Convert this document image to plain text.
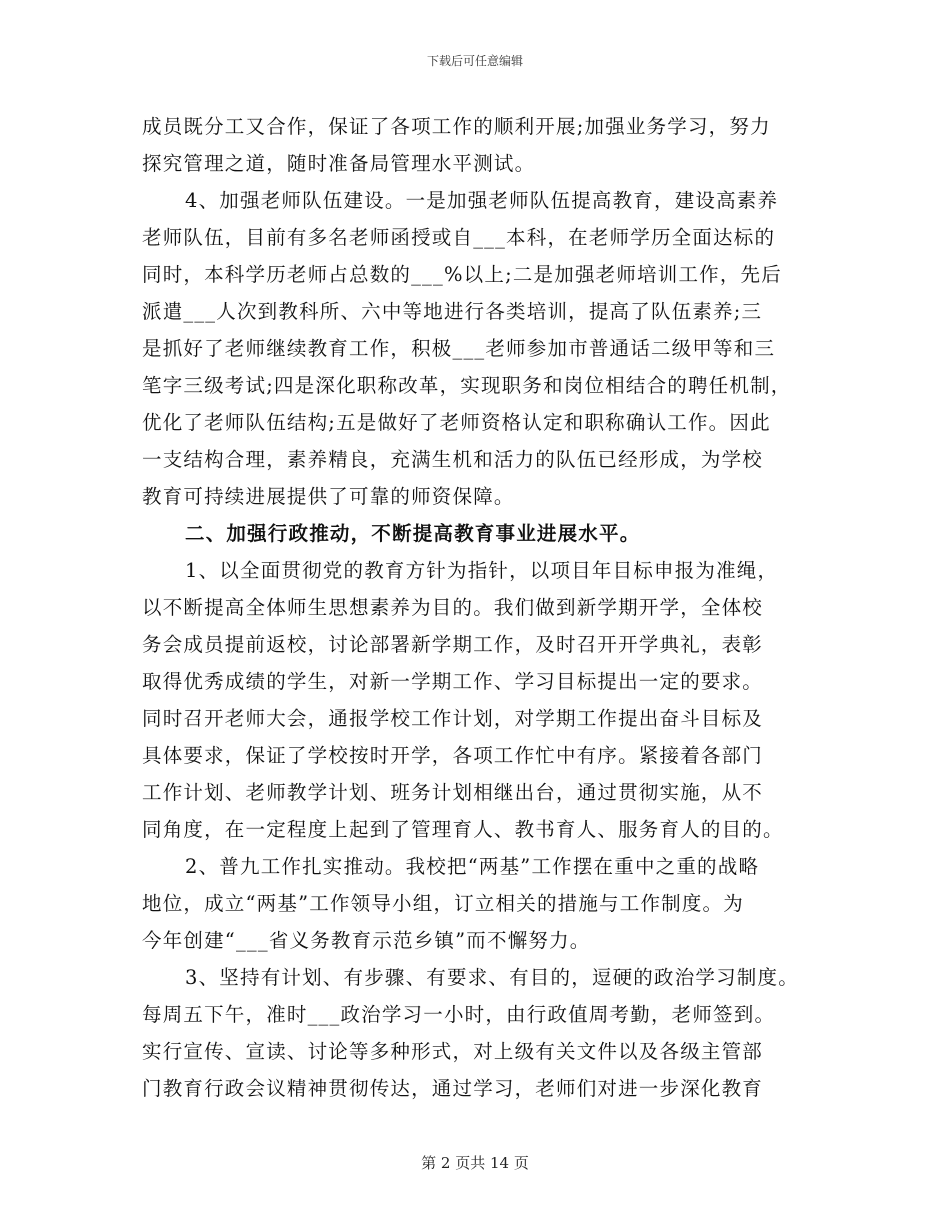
下载后可任意编辑
成员既分工又合作，保证了各项工作的顺利开展;加强业务学习，努力
探究管理之道，随时准备局管理水平测试。
4、加强老师队伍建设。一是加强老师队伍提高教育，建设高素养
老师队伍，目前有多名老师函授或自___本科，在老师学历全面达标的
同时，本科学历老师占总数的___%以上;二是加强老师培训工作，先后
派遣___人次到教科所、六中等地进行各类培训，提高了队伍素养;三
是抓好了老师继续教育工作，积极___老师参加市普通话二级甲等和三
笔字三级考试;四是深化职称改革，实现职务和岗位相结合的聘任机制，
优化了老师队伍结构;五是做好了老师资格认定和职称确认工作。因此
一支结构合理，素养精良，充满生机和活力的队伍已经形成，为学校
教育可持续进展提供了可靠的师资保障。
二、加强行政推动，不断提高教育事业进展水平。
1、以全面贯彻党的教育方针为指针，以项目年目标申报为准绳，
以不断提高全体师生思想素养为目的。我们做到新学期开学，全体校
务会成员提前返校，讨论部署新学期工作，及时召开开学典礼，表彰
取得优秀成绩的学生，对新一学期工作、学习目标提出一定的要求。
同时召开老师大会，通报学校工作计划，对学期工作提出奋斗目标及
具体要求，保证了学校按时开学，各项工作忙中有序。紧接着各部门
工作计划、老师教学计划、班务计划相继出台，通过贯彻实施，从不
同角度，在一定程度上起到了管理育人、教书育人、服务育人的目的。
2、普九工作扎实推动。我校把“两基”工作摆在重中之重的战略
地位，成立“两基”工作领导小组，订立相关的措施与工作制度。为
今年创建“___省义务教育示范乡镇”而不懈努力。
3、坚持有计划、有步骤、有要求、有目的，逗硬的政治学习制度。
每周五下午，准时___政治学习一小时，由行政值周考勤，老师签到。
实行宣传、宣读、讨论等多种形式，对上级有关文件以及各级主管部
门教育行政会议精神贯彻传达，通过学习，老师们对进一步深化教育
第 2 页共 14 页
